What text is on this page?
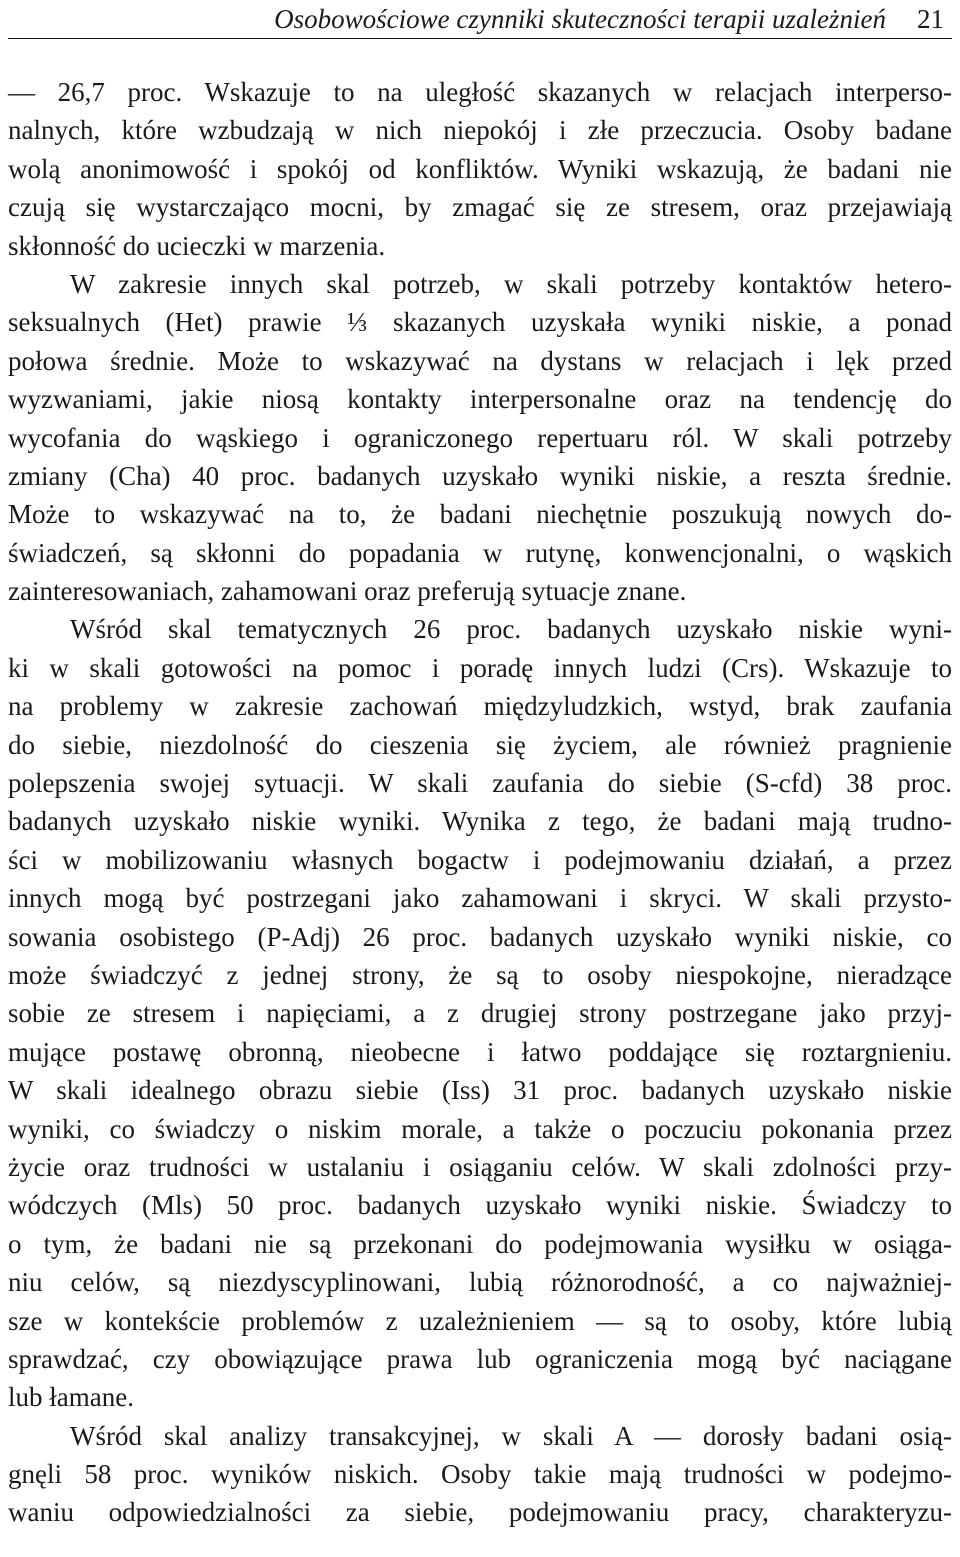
Osobowościowe czynniki skuteczności terapii uzależnień 21
— 26,7 proc. Wskazuje to na uległość skazanych w relacjach interperso-
nalnych, które wzbudzają w nich niepokój i złe przeczucia. Osoby badane
wolą anonimowość i spokój od konfliktów. Wyniki wskazują, że badani nie
czują się wystarczająco mocni, by zmagać się ze stresem, oraz przejawiają
skłonność do ucieczki w marzenia.
W zakresie innych skal potrzeb, w skali potrzeby kontaktów hetero-
seksualnych (Het) prawie ⅓ skazanych uzyskała wyniki niskie, a ponad
połowa średnie. Może to wskazywać na dystans w relacjach i lęk przed
wyzwaniami, jakie niosą kontakty interpersonalne oraz na tendencję do
wycofania do wąskiego i ograniczonego repertuaru ról. W skali potrzeby
zmiany (Cha) 40 proc. badanych uzyskało wyniki niskie, a reszta średnie.
Może to wskazywać na to, że badani niechętnie poszukują nowych do-
świadczeń, są skłonni do popadania w rutynę, konwencjonalni, o wąskich
zainteresowaniach, zahamowani oraz preferują sytuacje znane.
Wśród skal tematycznych 26 proc. badanych uzyskało niskie wyni-
ki w skali gotowości na pomoc i poradę innych ludzi (Crs). Wskazuje to
na problemy w zakresie zachowań międzyludzkich, wstyd, brak zaufania
do siebie, niezdolność do cieszenia się życiem, ale również pragnienie
polepszenia swojej sytuacji. W skali zaufania do siebie (S-cfd) 38 proc.
badanych uzyskało niskie wyniki. Wynika z tego, że badani mają trudno-
ści w mobilizowaniu własnych bogactw i podejmowaniu działań, a przez
innych mogą być postrzegani jako zahamowani i skryci. W skali przysto-
sowania osobistego (P-Adj) 26 proc. badanych uzyskało wyniki niskie, co
może świadczyć z jednej strony, że są to osoby niespokojne, nieradzące
sobie ze stresem i napięciami, a z drugiej strony postrzegane jako przyj-
mujące postawę obronną, nieobecne i łatwo poddające się roztargnieniu.
W skali idealnego obrazu siebie (Iss) 31 proc. badanych uzyskało niskie
wyniki, co świadczy o niskim morale, a także o poczuciu pokonania przez
życie oraz trudności w ustalaniu i osiąganiu celów. W skali zdolności przy-
wódczych (Mls) 50 proc. badanych uzyskało wyniki niskie. Świadczy to
o tym, że badani nie są przekonani do podejmowania wysiłku w osiąga-
niu celów, są niezdyscyplinowani, lubią różnorodność, a co najważniej-
sze w kontekście problemów z uzależnieniem — są to osoby, które lubią
sprawdzać, czy obowiązujące prawa lub ograniczenia mogą być naciągane
lub łamane.
Wśród skal analizy transakcyjnej, w skali A — dorosły badani osią-
gnęli 58 proc. wyników niskich. Osoby takie mają trudności w podejmo-
waniu odpowiedzialności za siebie, podejmowaniu pracy, charakteryzu-
